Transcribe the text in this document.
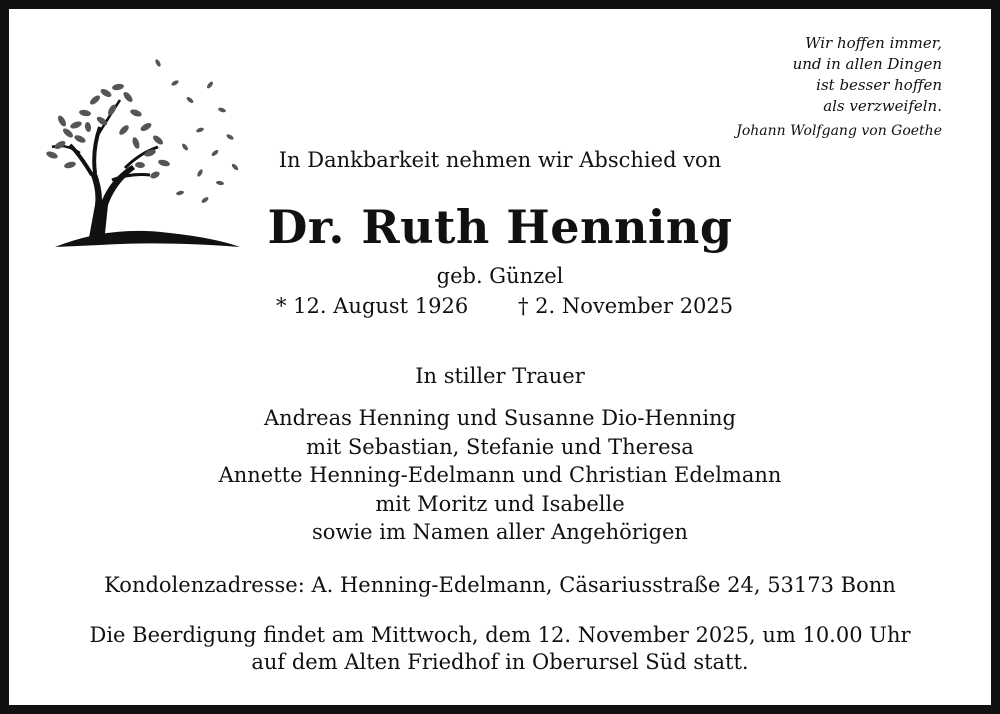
Wir hoffen immer,
und in allen Dingen
ist besser hoffen
als verzweifeln.
Johann Wolfgang von Goethe
In Dankbarkeit nehmen wir Abschied von
Dr. Ruth Henning
geb. Günzel
* 12. August 1926 † 2. November 2025
In stiller Trauer
Andreas Henning und Susanne Dio-Henning
mit Sebastian, Stefanie und Theresa
Annette Henning-Edelmann und Christian Edelmann
mit Moritz und Isabelle
sowie im Namen aller Angehörigen
Kondolenzadresse: A. Henning-Edelmann, Cäsariusstraße 24, 53173 Bonn
Die Beerdigung findet am Mittwoch, dem 12. November 2025, um 10.00 Uhr
auf dem Alten Friedhof in Oberursel Süd statt.
